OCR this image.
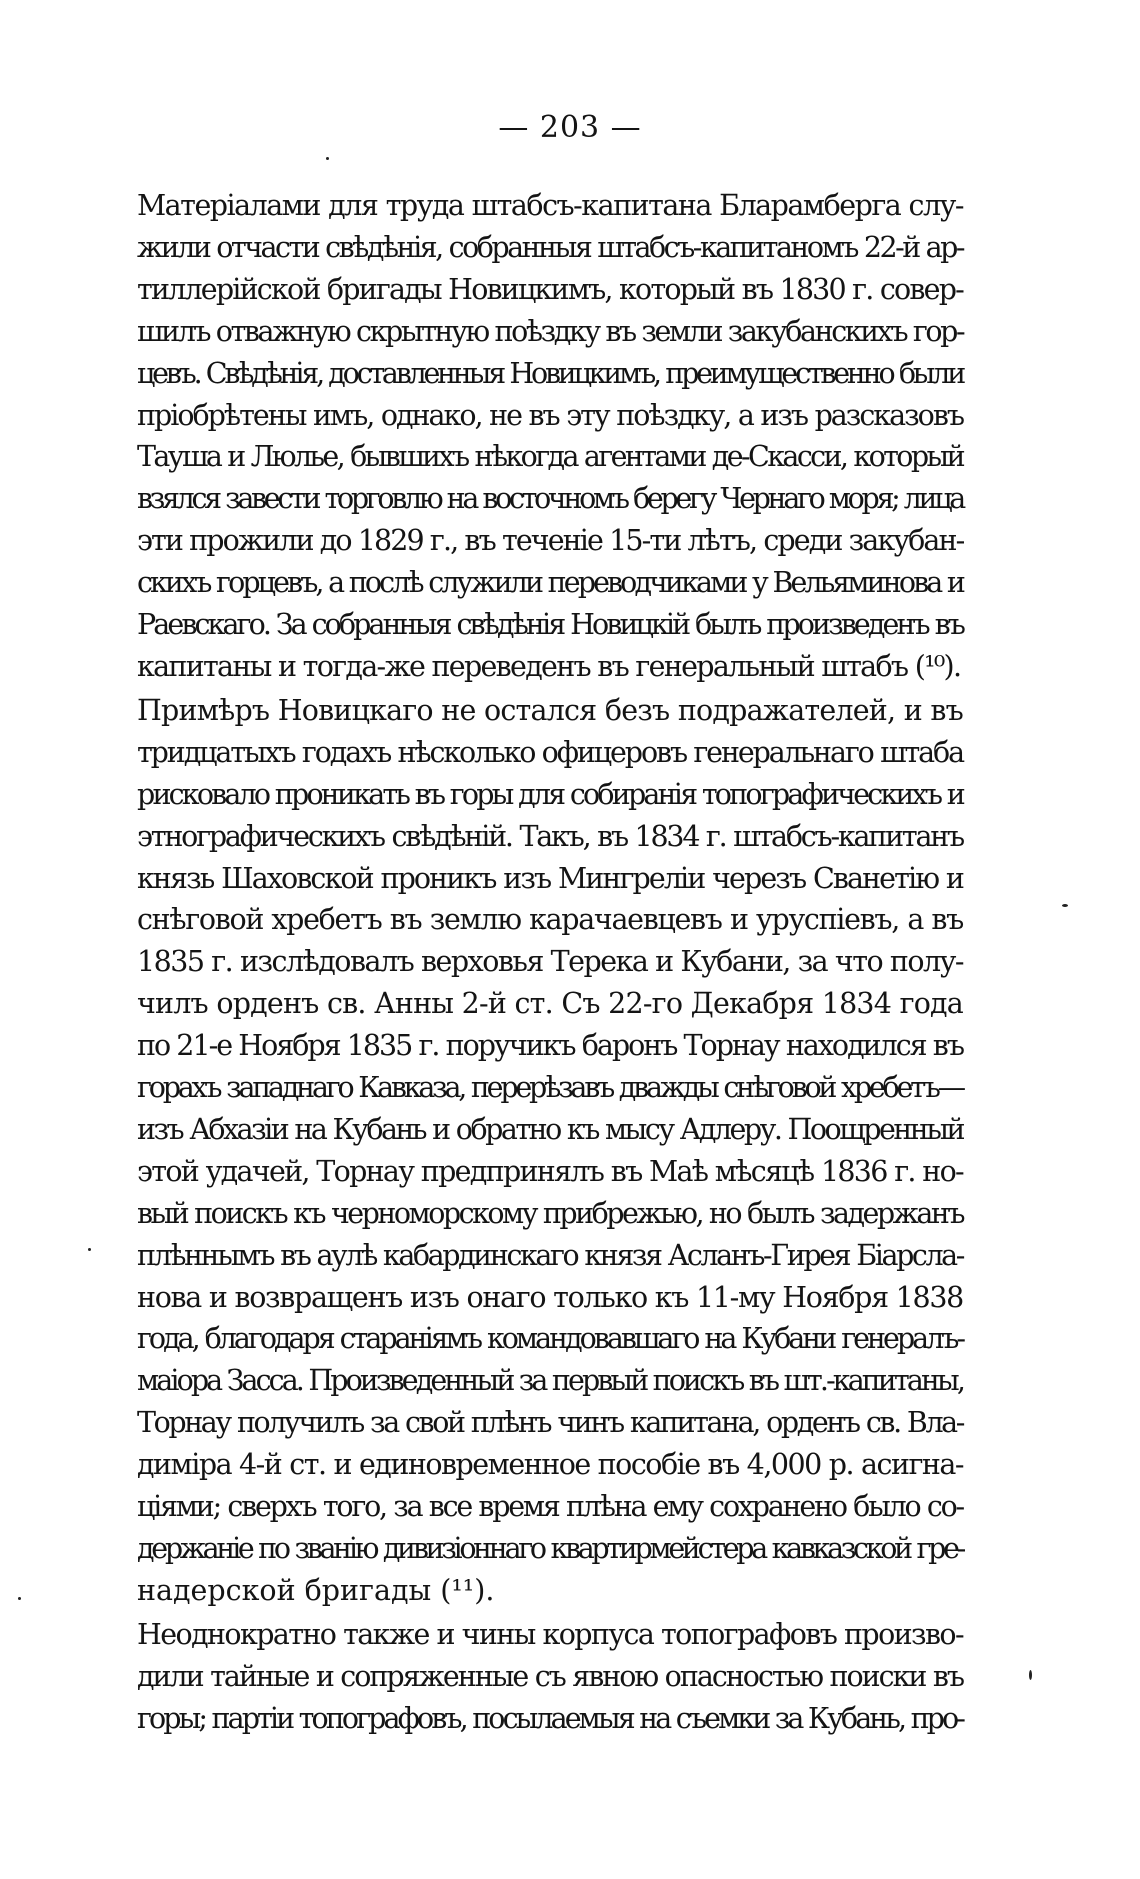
— 203 —
Матеріалами для труда штабсъ-капитана Бларамберга слу-
жили отчасти свѣдѣнія, собранныя штабсъ-капитаномъ 22-й ар-
тиллерійской бригады Новицкимъ, который въ 1830 г. совер-
шилъ отважную скрытную поѣздку въ земли закубанскихъ гор-
цевъ. Свѣдѣнія, доставленныя Новицкимъ, преимущественно были
пріобрѣтены имъ, однако, не въ эту поѣздку, а изъ разсказовъ
Тауша и Люлье, бывшихъ нѣкогда агентами де-Скасси, который
взялся завести торговлю на восточномъ берегу Чернаго моря; лица
эти прожили до 1829 г., въ теченіе 15-ти лѣтъ, среди закубан-
скихъ горцевъ, а послѣ служили переводчиками у Вельяминова и
Раевскаго. За собранныя свѣдѣнія Новицкій былъ произведенъ въ
капитаны и тогда-же переведенъ въ генеральный штабъ (¹⁰).
Примѣръ Новицкаго не остался безъ подражателей, и въ
тридцатыхъ годахъ нѣсколько офицеровъ генеральнаго штаба
рисковало проникать въ горы для собиранія топографическихъ и
этнографическихъ свѣдѣній. Такъ, въ 1834 г. штабсъ-капитанъ
князь Шаховской проникъ изъ Мингреліи черезъ Сванетію и
снѣговой хребетъ въ землю карачаевцевъ и уруспіевъ, а въ
1835 г. изслѣдовалъ верховья Терека и Кубани, за что полу-
чилъ орденъ св. Анны 2-й ст. Съ 22-го Декабря 1834 года
по 21-е Ноября 1835 г. поручикъ баронъ Торнау находился въ
горахъ западнаго Кавказа, перерѣзавъ дважды снѣговой хребетъ—
изъ Абхазіи на Кубань и обратно къ мысу Адлеру. Поощренный
этой удачей, Торнау предпринялъ въ Маѣ мѣсяцѣ 1836 г. но-
вый поискъ къ черноморскому прибрежью, но былъ задержанъ
плѣннымъ въ аулѣ кабардинскаго князя Асланъ-Гирея Біарсла-
нова и возвращенъ изъ онаго только къ 11-му Ноября 1838
года, благодаря стараніямъ командовавшаго на Кубани генералъ-
маіора Засса. Произведенный за первый поискъ въ шт.-капитаны,
Торнау получилъ за свой плѣнъ чинъ капитана, орденъ св. Вла-
диміра 4-й ст. и единовременное пособіе въ 4,000 р. асигна-
ціями; сверхъ того, за все время плѣна ему сохранено было со-
держаніе по званію дивизіоннаго квартирмейстера кавказской гре-
надерской бригады (¹¹).
Неоднократно также и чины корпуса топографовъ произво-
дили тайные и сопряженные съ явною опасностью поиски въ
горы; партіи топографовъ, посылаемыя на съемки за Кубань, про-
